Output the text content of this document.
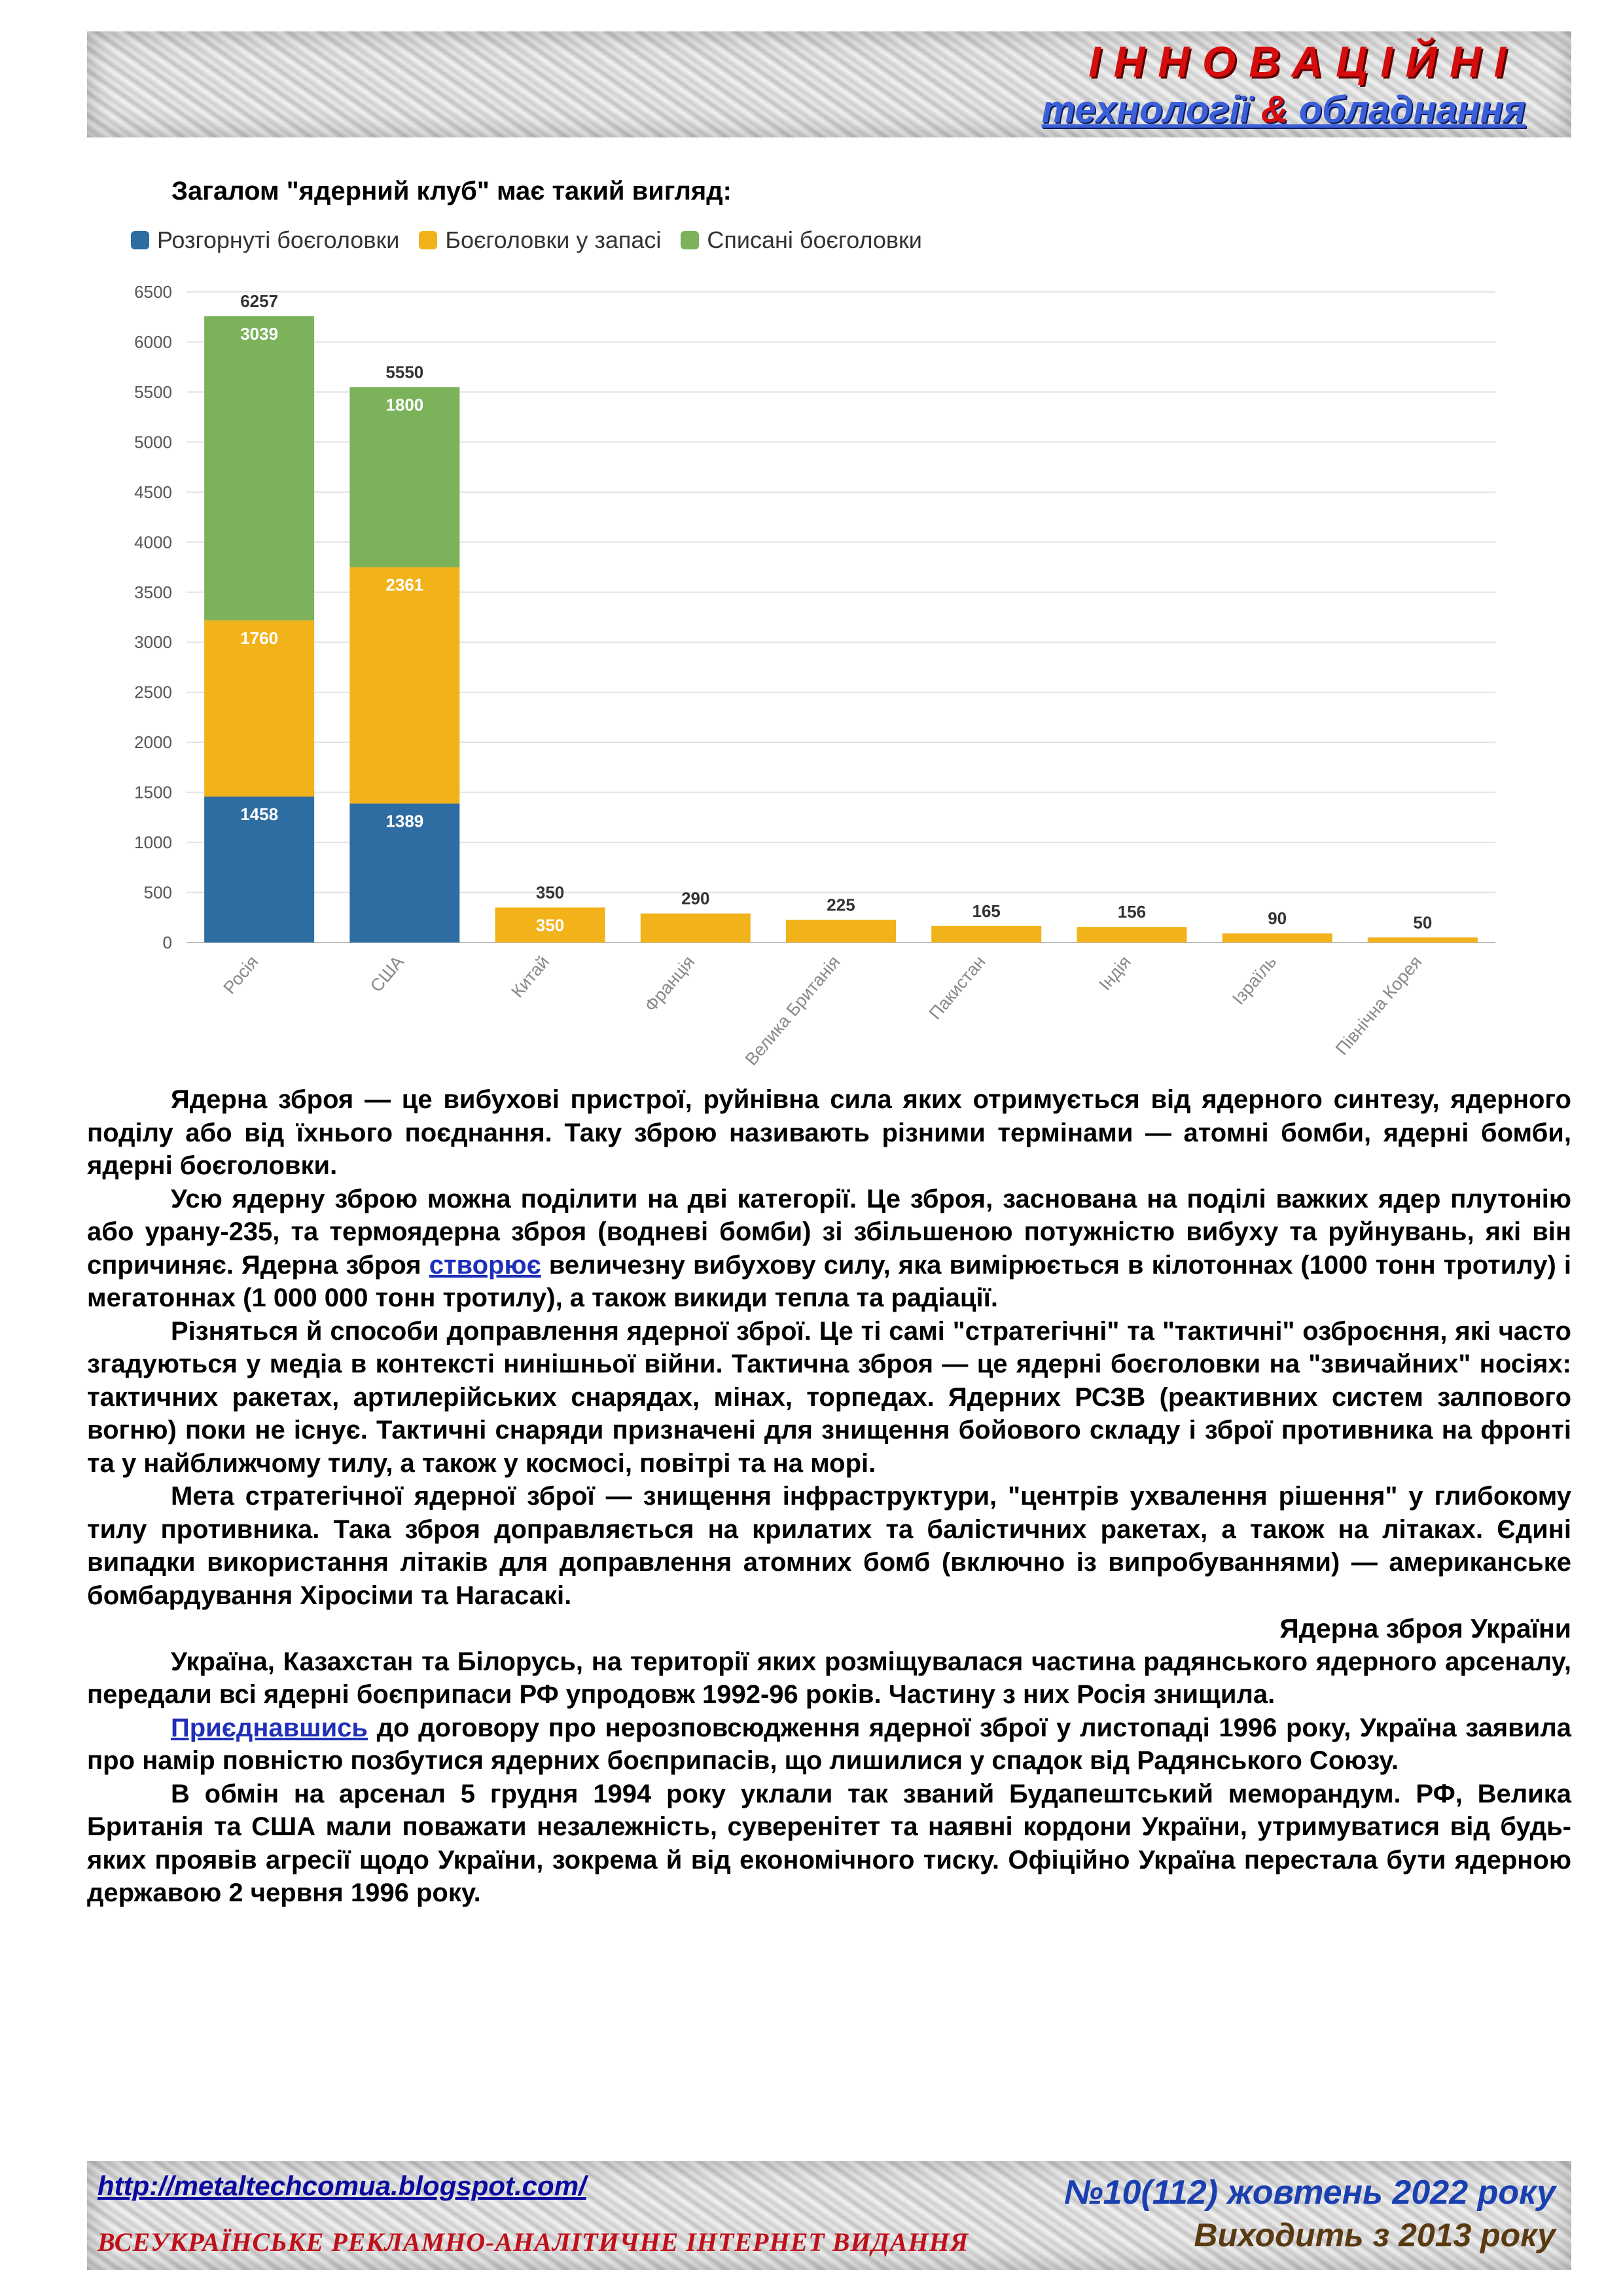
ІННОВАЦІЙНІ
технології & обладнання
Загалом "ядерний клуб" має такий вигляд:
Розгорнуті боєголовки Боєголовки у запасі Списані боєголовки
0
500
1000
1500
2000
2500
3000
3500
4000
4500
5000
5500
6000
6500
1458
1760
3039
6257
Росія
1389
2361
1800
5550
США
350
350
Китай
290
Франція
225
Велика Британія
165
Пакистан
156
Індія
90
Ізраїль
50
Північна Корея

Ядерна зброя — це вибухові пристрої, руйнівна сила яких отримується від ядерного синтезу, ядерного поділу або від їхнього поєднання. Таку зброю називають різними термінами — атомні бомби, ядерні бомби, ядерні боєголовки.

Усю ядерну зброю можна поділити на дві категорії. Це зброя, заснована на поділі важких ядер плутонію або урану-235, та термоядерна зброя (водневі бомби) зі збільшеною потужністю вибуху та руйнувань, які він спричиняє. Ядерна зброя створює величезну вибухову силу, яка вимірюється в кілотоннах (1000 тонн тротилу) і мегатоннах (1 000 000 тонн тротилу), а також викиди тепла та радіації.

Різняться й способи доправлення ядерної зброї. Це ті самі "стратегічні" та "тактичні" озброєння, які часто згадуються у медіа в контексті нинішньої війни. Тактична зброя — це ядерні боєголовки на "звичайних" носіях: тактичних ракетах, артилерійських снарядах, мінах, торпедах. Ядерних РСЗВ (реактивних систем залпового вогню) поки не існує. Тактичні снаряди призначені для знищення бойового складу і зброї противника на фронті та у найближчому тилу, а також у космосі, повітрі та на морі.

Мета стратегічної ядерної зброї — знищення інфраструктури, "центрів ухвалення рішення" у глибокому тилу противника. Така зброя доправляється на крилатих та балістичних ракетах, а також на літаках. Єдині випадки використання літаків для доправлення атомних бомб (включно із випробуваннями) — американське бомбардування Хіросіми та Нагасакі.

Ядерна зброя України

Україна, Казахстан та Білорусь, на території яких розміщувалася частина радянського ядерного арсеналу, передали всі ядерні боєприпаси РФ упродовж 1992-96 років. Частину з них Росія знищила.

Приєднавшись до договору про нерозповсюдження ядерної зброї у листопаді 1996 року, Україна заявила про намір повністю позбутися ядерних боєприпасів, що лишилися у спадок від Радянського Союзу.

В обмін на арсенал 5 грудня 1994 року уклали так званий Будапештський меморандум. РФ, Велика Британія та США мали поважати незалежність, суверенітет та наявні кордони України, утримуватися від будь-яких проявів агресії щодо України, зокрема й від економічного тиску. Офіційно Україна перестала бути ядерною державою 2 червня 1996 року.

http://metaltechcomua.blogspot.com/
ВСЕУКРАЇНСЬКЕ РЕКЛАМНО-АНАЛІТИЧНЕ ІНТЕРНЕТ ВИДАННЯ
№10(112) жовтень 2022 року
Виходить з 2013 року
